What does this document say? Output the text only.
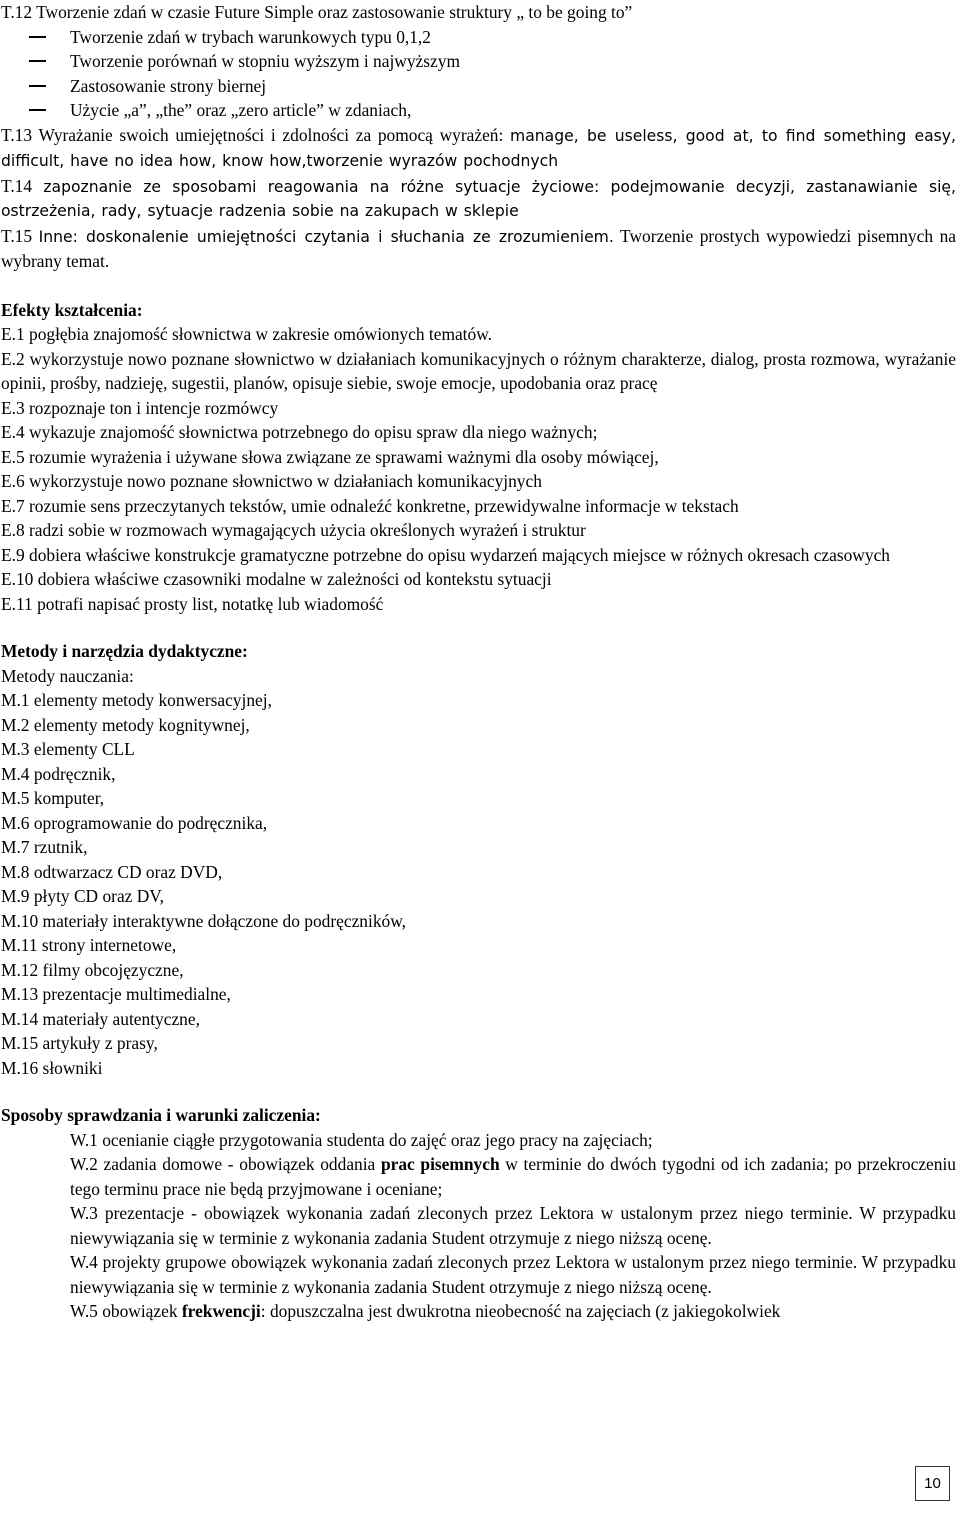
T.12 Tworzenie zdań w czasie Future Simple oraz zastosowanie struktury „ to be going to”
Tworzenie zdań w trybach warunkowych typu 0,1,2
Tworzenie porównań w stopniu wyższym i najwyższym
Zastosowanie strony biernej
Użycie „a”, „the” oraz „zero article” w zdaniach,
T.13 Wyrażanie swoich umiejętności i zdolności za pomocą wyrażeń: manage, be useless, good at, to find something easy, difficult, have no idea how, know how,tworzenie wyrazów pochodnych
T.14 zapoznanie ze sposobami reagowania na różne sytuacje życiowe: podejmowanie decyzji, zastanawianie się, ostrzeżenia, rady, sytuacje radzenia sobie na zakupach w sklepie
T.15 Inne: doskonalenie umiejętności czytania i słuchania ze zrozumieniem. Tworzenie prostych wypowiedzi pisemnych na wybrany temat.
Efekty kształcenia:
E.1 pogłębia znajomość słownictwa w zakresie omówionych tematów.
E.2 wykorzystuje nowo poznane słownictwo w działaniach komunikacyjnych o różnym charakterze, dialog, prosta rozmowa, wyrażanie opinii, prośby, nadzieję, sugestii, planów, opisuje siebie, swoje emocje, upodobania oraz pracę
E.3 rozpoznaje ton i intencje rozmówcy
E.4 wykazuje znajomość słownictwa potrzebnego do opisu spraw dla niego ważnych;
E.5 rozumie wyrażenia i używane słowa związane ze sprawami ważnymi dla osoby mówiącej,
E.6 wykorzystuje nowo poznane słownictwo w działaniach komunikacyjnych
E.7 rozumie sens przeczytanych tekstów, umie odnaleźć konkretne, przewidywalne informacje w tekstach
E.8 radzi sobie w rozmowach wymagających użycia określonych wyrażeń i struktur
E.9 dobiera właściwe konstrukcje gramatyczne potrzebne do opisu wydarzeń mających miejsce w różnych okresach czasowych
E.10 dobiera właściwe czasowniki modalne w zależności od kontekstu sytuacji
E.11 potrafi napisać prosty list, notatkę lub wiadomość
Metody i narzędzia dydaktyczne:
Metody nauczania:
M.1 elementy metody konwersacyjnej,
M.2 elementy metody kognitywnej,
M.3 elementy CLL
M.4 podręcznik,
M.5 komputer,
M.6 oprogramowanie do podręcznika,
M.7 rzutnik,
M.8 odtwarzacz CD oraz DVD,
M.9 płyty CD oraz DV,
M.10 materiały interaktywne dołączone do podręczników,
M.11 strony internetowe,
M.12 filmy obcojęzyczne,
M.13 prezentacje multimedialne,
M.14 materiały autentyczne,
M.15 artykuły z prasy,
M.16 słowniki
Sposoby sprawdzania i warunki zaliczenia:
W.1 ocenianie ciągłe przygotowania studenta do zajęć oraz jego pracy na zajęciach;
W.2 zadania domowe - obowiązek oddania prac pisemnych w terminie do dwóch tygodni od ich zadania; po przekroczeniu tego terminu prace nie będą przyjmowane i oceniane;
W.3 prezentacje - obowiązek wykonania zadań zleconych przez Lektora w ustalonym przez niego terminie. W przypadku niewywiązania się w terminie z wykonania zadania Student otrzymuje z niego niższą ocenę.
W.4 projekty grupowe obowiązek wykonania zadań zleconych przez Lektora w ustalonym przez niego terminie. W przypadku niewywiązania się w terminie z wykonania zadania Student otrzymuje z niego niższą ocenę.
W.5 obowiązek frekwencji: dopuszczalna jest dwukrotna nieobecność na zajęciach (z jakiegokolwiek
10
